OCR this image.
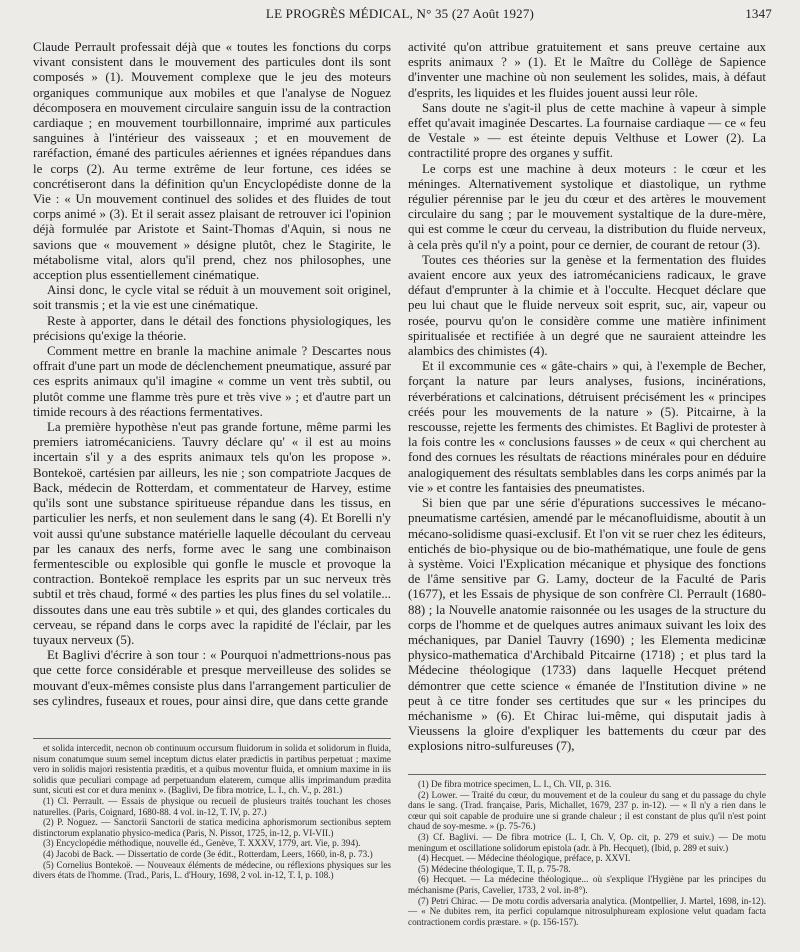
LE PROGRÈS MÉDICAL, N° 35 (27 Août 1927)	1347

Claude Perrault professait déjà que « toutes les fonctions du corps vivant consistent dans le mouvement des particules dont ils sont composés » (1). Mouvement complexe que le jeu des moteurs organiques communique aux mobiles et que l'analyse de Noguez décomposera en mouvement circulaire sanguin issu de la contraction cardiaque ; en mouvement tourbillonnaire, imprimé aux particules sanguines à l'intérieur des vaisseaux ; et en mouvement de raréfaction, émané des particules aériennes et ignées répandues dans le corps (2). Au terme extrême de leur fortune, ces idées se concrétiseront dans la définition qu'un Encyclopédiste donne de la Vie : « Un mouvement continuel des solides et des fluides de tout corps animé » (3). Et il serait assez plaisant de retrouver ici l'opinion déjà formulée par Aristote et Saint-Thomas d'Aquin, si nous ne savions que « mouvement » désigne plutôt, chez le Stagirite, le métabolisme vital, alors qu'il prend, chez nos philosophes, une acception plus essentiellement cinématique.

Ainsi donc, le cycle vital se réduit à un mouvement soit originel, soit transmis ; et la vie est une cinématique.

Reste à apporter, dans le détail des fonctions physiologiques, les précisions qu'exige la théorie.

Comment mettre en branle la machine animale ? Descartes nous offrait d'une part un mode de déclenchement pneumatique, assuré par ces esprits animaux qu'il imagine « comme un vent très subtil, ou plutôt comme une flamme très pure et très vive » ; et d'autre part un timide recours à des réactions fermentatives.

La première hypothèse n'eut pas grande fortune, même parmi les premiers iatromécaniciens. Tauvry déclare qu' « il est au moins incertain s'il y a des esprits animaux tels qu'on les propose ». Bontekoë, cartésien par ailleurs, les nie ; son compatriote Jacques de Back, médecin de Rotterdam, et commentateur de Harvey, estime qu'ils sont une substance spiritueuse répandue dans les tissus, en particulier les nerfs, et non seulement dans le sang (4). Et Borelli n'y voit aussi qu'une substance matérielle laquelle découlant du cerveau par les canaux des nerfs, forme avec le sang une combinaison fermentescible ou explosible qui gonfle le muscle et provoque la contraction. Bontekoë remplace les esprits par un suc nerveux très subtil et très chaud, formé « des parties les plus fines du sel volatile... dissoutes dans une eau très subtile » et qui, des glandes corticales du cerveau, se répand dans le corps avec la rapidité de l'éclair, par les tuyaux nerveux (5).

Et Baglivi d'écrire à son tour : « Pourquoi n'admettrions-nous pas que cette force considérable et presque merveilleuse des solides se mouvant d'eux-mêmes consiste plus dans l'arrangement particulier de ses cylindres, fuseaux et roues, pour ainsi dire, que dans cette grande

activité qu'on attribue gratuitement et sans preuve certaine aux esprits animaux ? » (1). Et le Maître du Collège de Sapience d'inventer une machine où non seulement les solides, mais, à défaut d'esprits, les liquides et les fluides jouent aussi leur rôle.

Sans doute ne s'agit-il plus de cette machine à vapeur à simple effet qu'avait imaginée Descartes. La fournaise cardiaque — ce « feu de Vestale » — est éteinte depuis Velthuse et Lower (2). La contractilité propre des organes y suffit.

Le corps est une machine à deux moteurs : le cœur et les méninges. Alternativement systolique et diastolique, un rythme régulier pérennise par le jeu du cœur et des artères le mouvement circulaire du sang ; par le mouvement systaltique de la dure-mère, qui est comme le cœur du cerveau, la distribution du fluide nerveux, à cela près qu'il n'y a point, pour ce dernier, de courant de retour (3).

Toutes ces théories sur la genèse et la fermentation des fluides avaient encore aux yeux des iatromécaniciens radicaux, le grave défaut d'emprunter à la chimie et à l'occulte. Hecquet déclare que peu lui chaut que le fluide nerveux soit esprit, suc, air, vapeur ou rosée, pourvu qu'on le considère comme une matière infiniment spiritualisée et rectifiée à un degré que ne sauraient atteindre les alambics des chimistes (4).

Et il excommunie ces « gâte-chairs » qui, à l'exemple de Becher, forçant la nature par leurs analyses, fusions, incinérations, réverbérations et calcinations, détruisent précisément les « principes créés pour les mouvements de la nature » (5). Pitcairne, à la rescousse, rejette les ferments des chimistes. Et Baglivi de protester à la fois contre les « conclusions fausses » de ceux « qui cherchent au fond des cornues les résultats de réactions minérales pour en déduire analogiquement des résultats semblables dans les corps animés par la vie » et contre les fantaisies des pneumatistes.

Si bien que par une série d'épurations successives le mécano-pneumatisme cartésien, amendé par le mécanofluidisme, aboutit à un mécano-solidisme quasi-exclusif. Et l'on vit se ruer chez les éditeurs, entichés de bio-physique ou de bio-mathématique, une foule de gens à système. Voici l'Explication mécanique et physique des fonctions de l'âme sensitive par G. Lamy, docteur de la Faculté de Paris (1677), et les Essais de physique de son confrère Cl. Perrault (1680-88) ; la Nouvelle anatomie raisonnée ou les usages de la structure du corps de l'homme et de quelques autres animaux suivant les loix des méchaniques, par Daniel Tauvry (1690) ; les Elementa medicinæ physico-mathematica d'Archibald Pitcairne (1718) ; et plus tard la Médecine théologique (1733) dans laquelle Hecquet prétend démontrer que cette science « émanée de l'Institution divine » ne peut à ce titre fonder ses certitudes que sur « les principes du méchanisme » (6). Et Chirac lui-même, qui disputait jadis à Vieussens la gloire d'expliquer les battements du cœur par des explosions nitro-sulfureuses (7),

et solida intercedit, necnon ob continuum occursum fluidorum in solida et solidorum in fluida, nisum conatumque suum semel inceptum dictus elater prædictis in partibus perpetuat ; maxime vero in solidis majori resistentia præditis, et a quibus moventur fluida, et omnium maxime in iis solidis quæ peculiari compage ad perpetuandum elaterem, cumque allis imprimandum prædita sunt, sicuti est cor et dura meninx ». (Baglivi, De fibra motrice, L. I., ch. V., p. 281.)

(1) Cl. Perrault. — Essais de physique ou recueil de plusieurs traités touchant les choses naturelles. (Paris, Coignard, 1680-88. 4 vol. in-12, T. IV, p. 27.)

(2) P. Noguez. — Sanctorii Sanctorii de statica medicina aphorismorum sectionibus septem distinctorum explanatio physico-medica (Paris, N. Pissot, 1725, in-12, p. VI-VII.)

(3) Encyclopédie méthodique, nouvelle éd., Genève, T. XXXV, 1779, art. Vie, p. 394).

(4) Jacobi de Back. — Dissertatio de corde (3e édit., Rotterdam, Leers, 1660, in-8, p. 73.)

(5) Cornelius Bontekoë. — Nouveaux éléments de médecine, ou réflexions physiques sur les divers états de l'homme. (Trad., Paris, L. d'Houry, 1698, 2 vol. in-12, T. I, p. 108.)

(1) De fibra motrice specimen, L. I., Ch. VII, p. 316.

(2) Lower. — Traité du cœur, du mouvement et de la couleur du sang et du passage du chyle dans le sang. (Trad. française, Paris, Michallet, 1679, 237 p. in-12). — « Il n'y a rien dans le cœur qui soit capable de produire une si grande chaleur ; il est constant de plus qu'il n'est point chaud de soy-mesme. » (p. 75-76.)

(3) Cf. Baglivi. — De fibra motrice (L. I, Ch. V, Op. cit, p. 279 et suiv.) — De motu meningum et oscillatione solidorum epistola (adr. à Ph. Hecquet), (Ibid, p. 289 et suiv.)

(4) Hecquet. — Médecine théologique, préface, p. XXVI.

(5) Médecine théologique, T. II, p. 75-78.

(6) Hecquet. — La médecine théologique... où s'explique l'Hygiène par les principes du méchanisme (Paris, Cavelier, 1733, 2 vol. in-8°).

(7) Petri Chirac. — De motu cordis adversaria analytica. (Montpellier, J. Martel, 1698, in-12). — « Ne dubites rem, ita perfici copulamque nitrosulphuream explosione velut quadam facta contractionem cordis præstare. » (p. 156-157).
